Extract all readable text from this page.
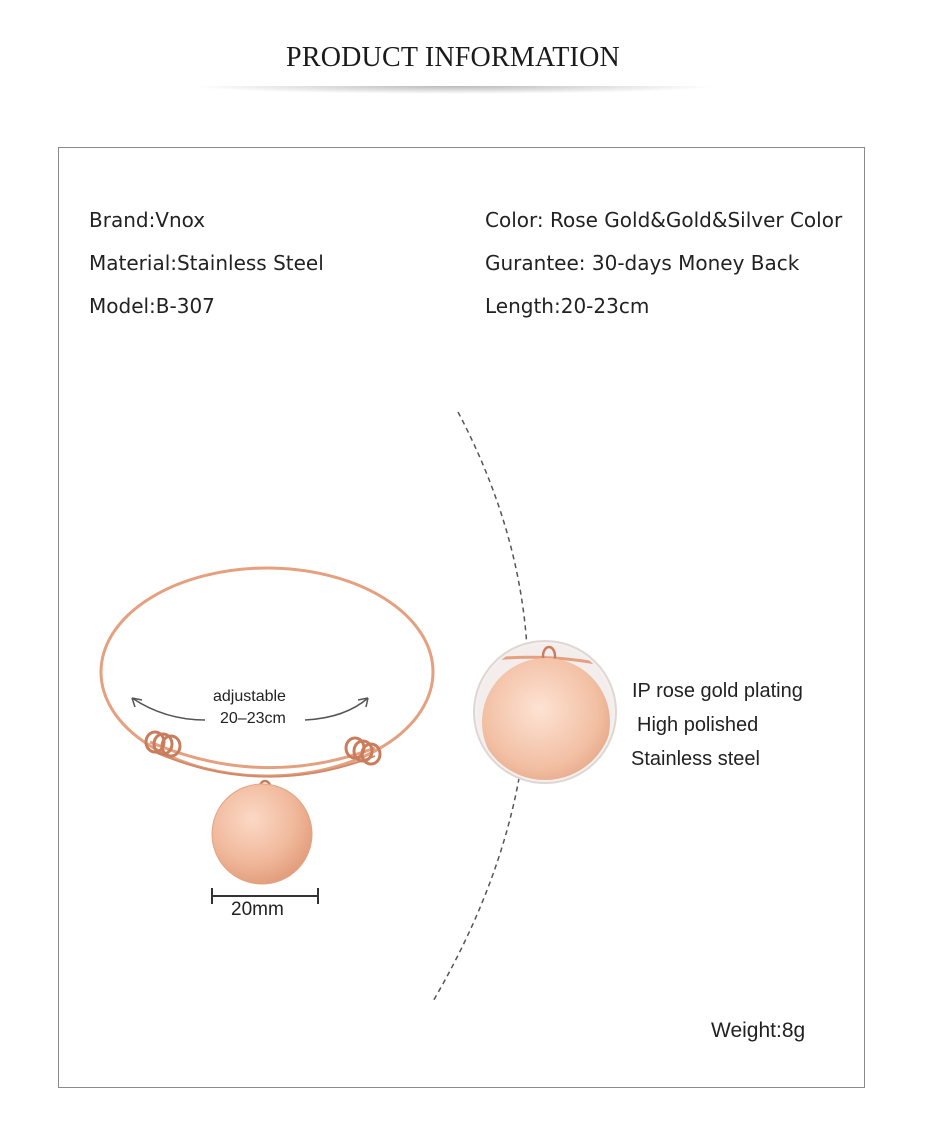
PRODUCT INFORMATION
Brand:Vnox
Material:Stainless Steel
Model:B-307
Color: Rose Gold&Gold&Silver Color
Gurantee: 30-days Money Back
Length:20-23cm
adjustable
20–23cm
20mm
IP rose gold plating
High polished
Stainless steel
Weight:8g
